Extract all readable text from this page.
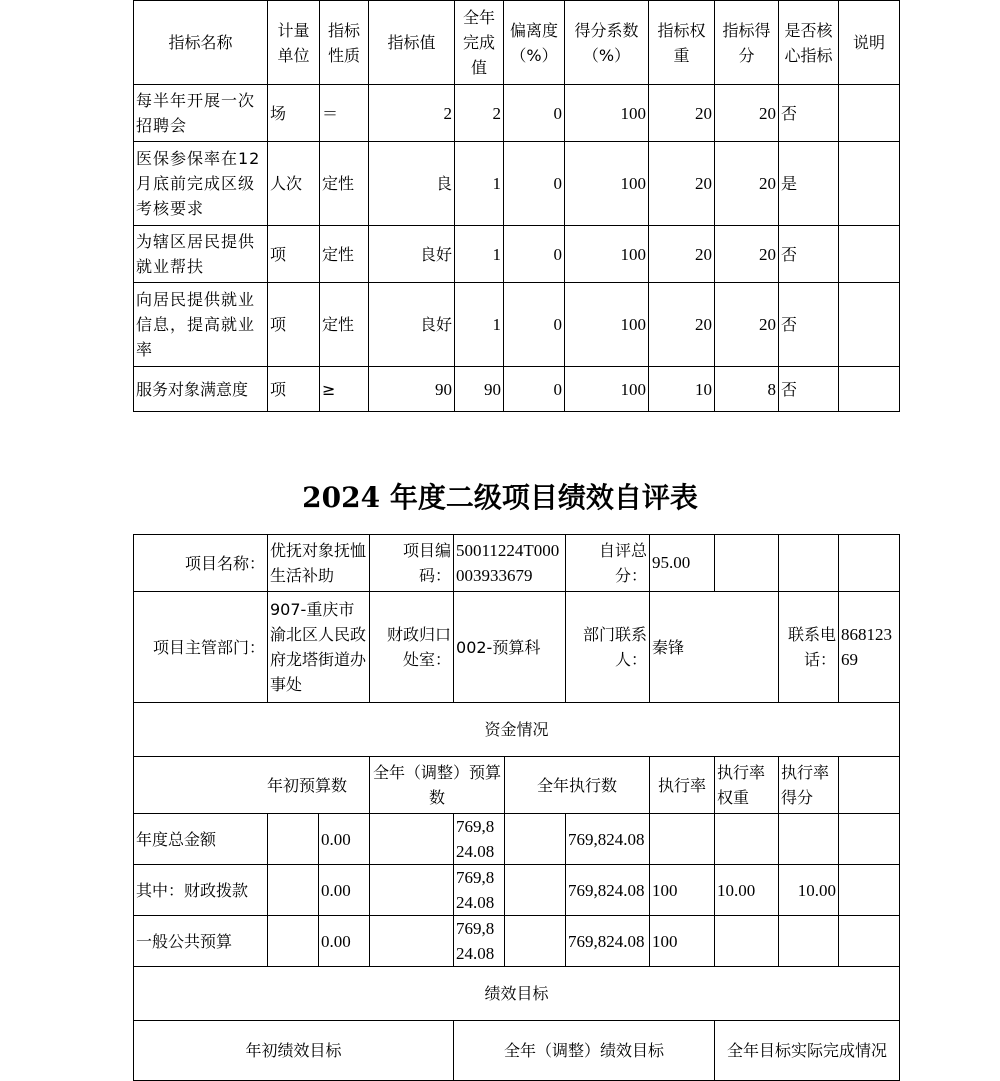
指标名称	计量单位	指标性质	指标值	全年完成值	偏离度（%）	得分系数（%）	指标权重	指标得分	是否核心指标	说明
每半年开展一次招聘会	场	＝	2	2	0	100	20	20	否	
医保参保率在12月底前完成区级考核要求	人次	定性	良	1	0	100	20	20	是	
为辖区居民提供就业帮扶	项	定性	良好	1	0	100	20	20	否	
向居民提供就业信息，提高就业率	项	定性	良好	1	0	100	20	20	否	
服务对象满意度	项	≥	90	90	0	100	10	8	否	
2024 年度二级项目绩效自评表
项目名称：	优抚对象抚恤生活补助		项目编码：	50011224T000003933679		自评总分：	95.00			
项目主管部门：	907-重庆市渝北区人民政府龙塔街道办事处		财政归口处室：	002-预算科		部门联系人：	秦锋		联系电话：	86812369
资金情况										
年初预算数			全年（调整）预算数		全年执行数		执行率	执行率权重	执行率得分	
年度总金额		0.00		769,824.08		769,824.08				
其中：财政拨款		0.00		769,824.08		769,824.08	100	10.00	10.00	
一般公共预算		0.00		769,824.08		769,824.08	100			
绩效目标										
年初绩效目标				全年（调整）绩效目标				全年目标实际完成情况		
